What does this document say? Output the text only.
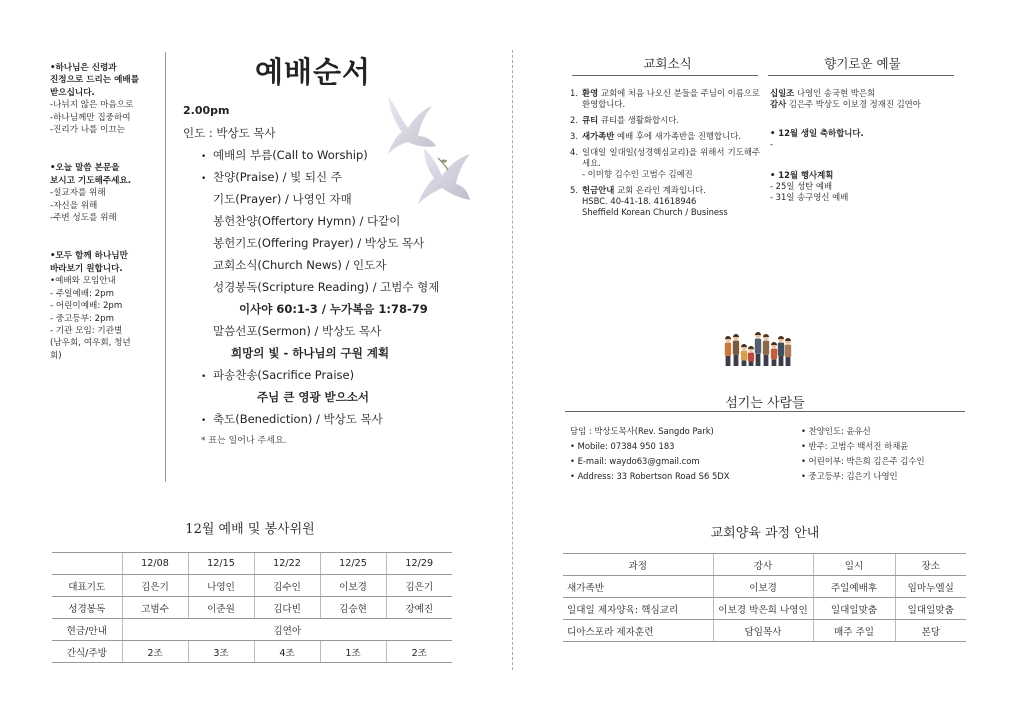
•하나님은 신령과
진정으로 드리는 예배를
받으십니다.
-나뉘지 않은 마음으로
-하나님께만 집중하여
-진리가 나를 이끄는
•오늘 말씀 본문을
보시고 기도해주세요.
-설교자를 위해
-자신을 위해
-주변 성도를 위해
•모두 함께 하나님만
바라보기 원합니다.
•예배와 모임안내
- 주일예배: 2pm
- 어린이예배: 2pm
- 중고등부: 2pm
- 기관 모임: 기관별
(남우회, 여우회, 청년
회)
예배순서
2.00pm
인도 : 박상도 목사
• 예배의 부름(Call to Worship)
• 찬양(Praise) / 빛 되신 주
기도(Prayer) / 나영인 자매
봉헌찬양(Offertory Hymn) / 다같이
봉헌기도(Offering Prayer) / 박상도 목사
교회소식(Church News) / 인도자
성경봉독(Scripture Reading) / 고범수 형제
이사야 60:1-3 / 누가복음 1:78-79
말씀선포(Sermon) / 박상도 목사
희망의 빛 - 하나님의 구원 계획
• 파송찬송(Sacrifice Praise)
주님 큰 영광 받으소서
• 축도(Benediction) / 박상도 목사
* 표는 일어나 주세요.
12월 예배 및 봉사위원
	12/08	12/15	12/22	12/25	12/29
대표기도	김은기	나영인	김수인	이보경	김은기
성경봉독	고범수	이준원	김다빈	김승현	강예진
현금/안내	김연아				
간식/주방	2조	3조	4조	1조	2조
교회소식	향기로운 예물
1. 환영 교회에 처음 나오신 분들을 주님이 이름으로 환영합니다.
2. 큐티 큐티를 생활화합시다.
3. 새가족반 예배 후에 새가족반을 진행합니다.
4. 일대일 일대일(성경핵심교리)을 위해서 기도해주세요.
- 이미향 김수인 고범수 김예진
5. 헌금안내 교회 온라인 계좌입니다.
HSBC. 40-41-18. 41618946
Sheffield Korean Church / Business
십일조 나영인 송국현 박은희
감사 김은주 박상도 이보경 정재진 김연아
• 12월 생일 축하합니다.
-
• 12월 행사계획
- 25일 성탄 예배
- 31일 송구영신 예배
섬기는 사람들
담임 : 박상도목사(Rev. Sangdo Park)
• Mobile: 07384 950 183
• E-mail: waydo63@gmail.com
• Address: 33 Robertson Road S6 5DX
• 찬양인도: 윤유신
• 반주: 고범수 백서진 하채윤
• 어린이부: 박은희 김은주 김수인
• 중고등부: 김은기 나영인
교회양육 과정 안내
과정	강사	일시	장소
새가족반	이보경	주일예배후	임마누엘실
일대일 제자양육: 핵심교리	이보경 박은희 나영인	일대일맞춤	일대일맞춤
디아스포라 제자훈련	담임목사	매주 주일	본당
